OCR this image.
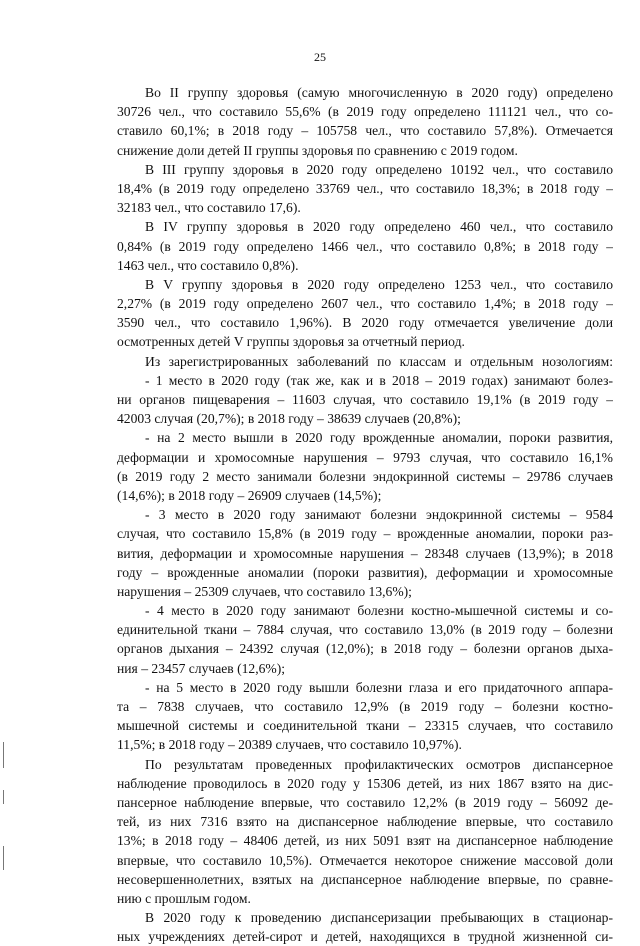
25
Во II группу здоровья (самую многочисленную в 2020 году) определено
30726 чел., что составило 55,6% (в 2019 году определено 111121 чел., что со-
ставило 60,1%; в 2018 году – 105758 чел., что составило 57,8%). Отмечается
снижение доли детей II группы здоровья по сравнению с 2019 годом.
В III группу здоровья в 2020 году определено 10192 чел., что составило
18,4% (в 2019 году определено 33769 чел., что составило 18,3%; в 2018 году –
32183 чел., что составило 17,6).
В IV группу здоровья в 2020 году определено 460 чел., что составило
0,84% (в 2019 году определено 1466 чел., что составило 0,8%; в 2018 году –
1463 чел., что составило 0,8%).
В V группу здоровья в 2020 году определено 1253 чел., что составило
2,27% (в 2019 году определено 2607 чел., что составило 1,4%; в 2018 году –
3590 чел., что составило 1,96%). В 2020 году отмечается увеличение доли
осмотренных детей V группы здоровья за отчетный период.
Из зарегистрированных заболеваний по классам и отдельным нозологиям:
- 1 место в 2020 году (так же, как и в 2018 – 2019 годах) занимают болез-
ни органов пищеварения – 11603 случая, что составило 19,1% (в 2019 году –
42003 случая (20,7%); в 2018 году – 38639 случаев (20,8%);
- на 2 место вышли в 2020 году врожденные аномалии, пороки развития,
деформации и хромосомные нарушения – 9793 случая, что составило 16,1%
(в 2019 году 2 место занимали болезни эндокринной системы – 29786 случаев
(14,6%); в 2018 году – 26909 случаев (14,5%);
- 3 место в 2020 году занимают болезни эндокринной системы – 9584
случая, что составило 15,8% (в 2019 году – врожденные аномалии, пороки раз-
вития, деформации и хромосомные нарушения – 28348 случаев (13,9%); в 2018
году – врожденные аномалии (пороки развития), деформации и хромосомные
нарушения – 25309 случаев, что составило 13,6%);
- 4 место в 2020 году занимают болезни костно-мышечной системы и со-
единительной ткани – 7884 случая, что составило 13,0% (в 2019 году – болезни
органов дыхания – 24392 случая (12,0%); в 2018 году – болезни органов дыха-
ния – 23457 случаев (12,6%);
- на 5 место в 2020 году вышли болезни глаза и его придаточного аппара-
та – 7838 случаев, что составило 12,9% (в 2019 году – болезни костно-
мышечной системы и соединительной ткани – 23315 случаев, что составило
11,5%; в 2018 году – 20389 случаев, что составило 10,97%).
По результатам проведенных профилактических осмотров диспансерное
наблюдение проводилось в 2020 году у 15306 детей, из них 1867 взято на дис-
пансерное наблюдение впервые, что составило 12,2% (в 2019 году – 56092 де-
тей, из них 7316 взято на диспансерное наблюдение впервые, что составило
13%; в 2018 году – 48406 детей, из них 5091 взят на диспансерное наблюдение
впервые, что составило 10,5%). Отмечается некоторое снижение массовой доли
несовершеннолетних, взятых на диспансерное наблюдение впервые, по сравне-
нию с прошлым годом.
В 2020 году к проведению диспансеризации пребывающих в стационар-
ных учреждениях детей-сирот и детей, находящихся в трудной жизненной си-
